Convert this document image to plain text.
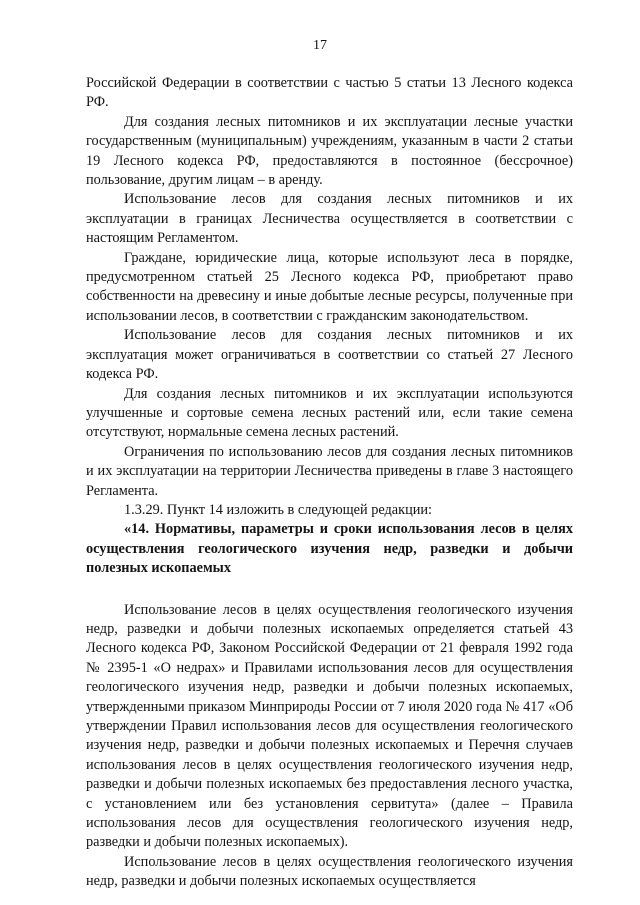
17

Российской Федерации в соответствии с частью 5 статьи 13 Лесного кодекса РФ.

Для создания лесных питомников и их эксплуатации лесные участки государственным (муниципальным) учреждениям, указанным в части 2 статьи 19 Лесного кодекса РФ, предоставляются в постоянное (бессрочное) пользование, другим лицам – в аренду.

Использование лесов для создания лесных питомников и их эксплуатации в границах Лесничества осуществляется в соответствии с настоящим Регламентом.

Граждане, юридические лица, которые используют леса в порядке, предусмотренном статьей 25 Лесного кодекса РФ, приобретают право собственности на древесину и иные добытые лесные ресурсы, полученные при использовании лесов, в соответствии с гражданским законодательством.

Использование лесов для создания лесных питомников и их эксплуатация может ограничиваться в соответствии со статьей 27 Лесного кодекса РФ.

Для создания лесных питомников и их эксплуатации используются улучшенные и сортовые семена лесных растений или, если такие семена отсутствуют, нормальные семена лесных растений.

Ограничения по использованию лесов для создания лесных питомников и их эксплуатации на территории Лесничества приведены в главе 3 настоящего Регламента.

1.3.29. Пункт 14 изложить в следующей редакции:

«14. Нормативы, параметры и сроки использования лесов в целях осуществления геологического изучения недр, разведки и добычи полезных ископаемых

Использование лесов в целях осуществления геологического изучения недр, разведки и добычи полезных ископаемых определяется статьей 43 Лесного кодекса РФ, Законом Российской Федерации от 21 февраля 1992 года № 2395-1 «О недрах» и Правилами использования лесов для осуществления геологического изучения недр, разведки и добычи полезных ископаемых, утвержденными приказом Минприроды России от 7 июля 2020 года № 417 «Об утверждении Правил использования лесов для осуществления геологического изучения недр, разведки и добычи полезных ископаемых и Перечня случаев использования лесов в целях осуществления геологического изучения недр, разведки и добычи полезных ископаемых без предоставления лесного участка, с установлением или без установления сервитута» (далее – Правила использования лесов для осуществления геологического изучения недр, разведки и добычи полезных ископаемых).

Использование лесов в целях осуществления геологического изучения недр, разведки и добычи полезных ископаемых осуществляется
